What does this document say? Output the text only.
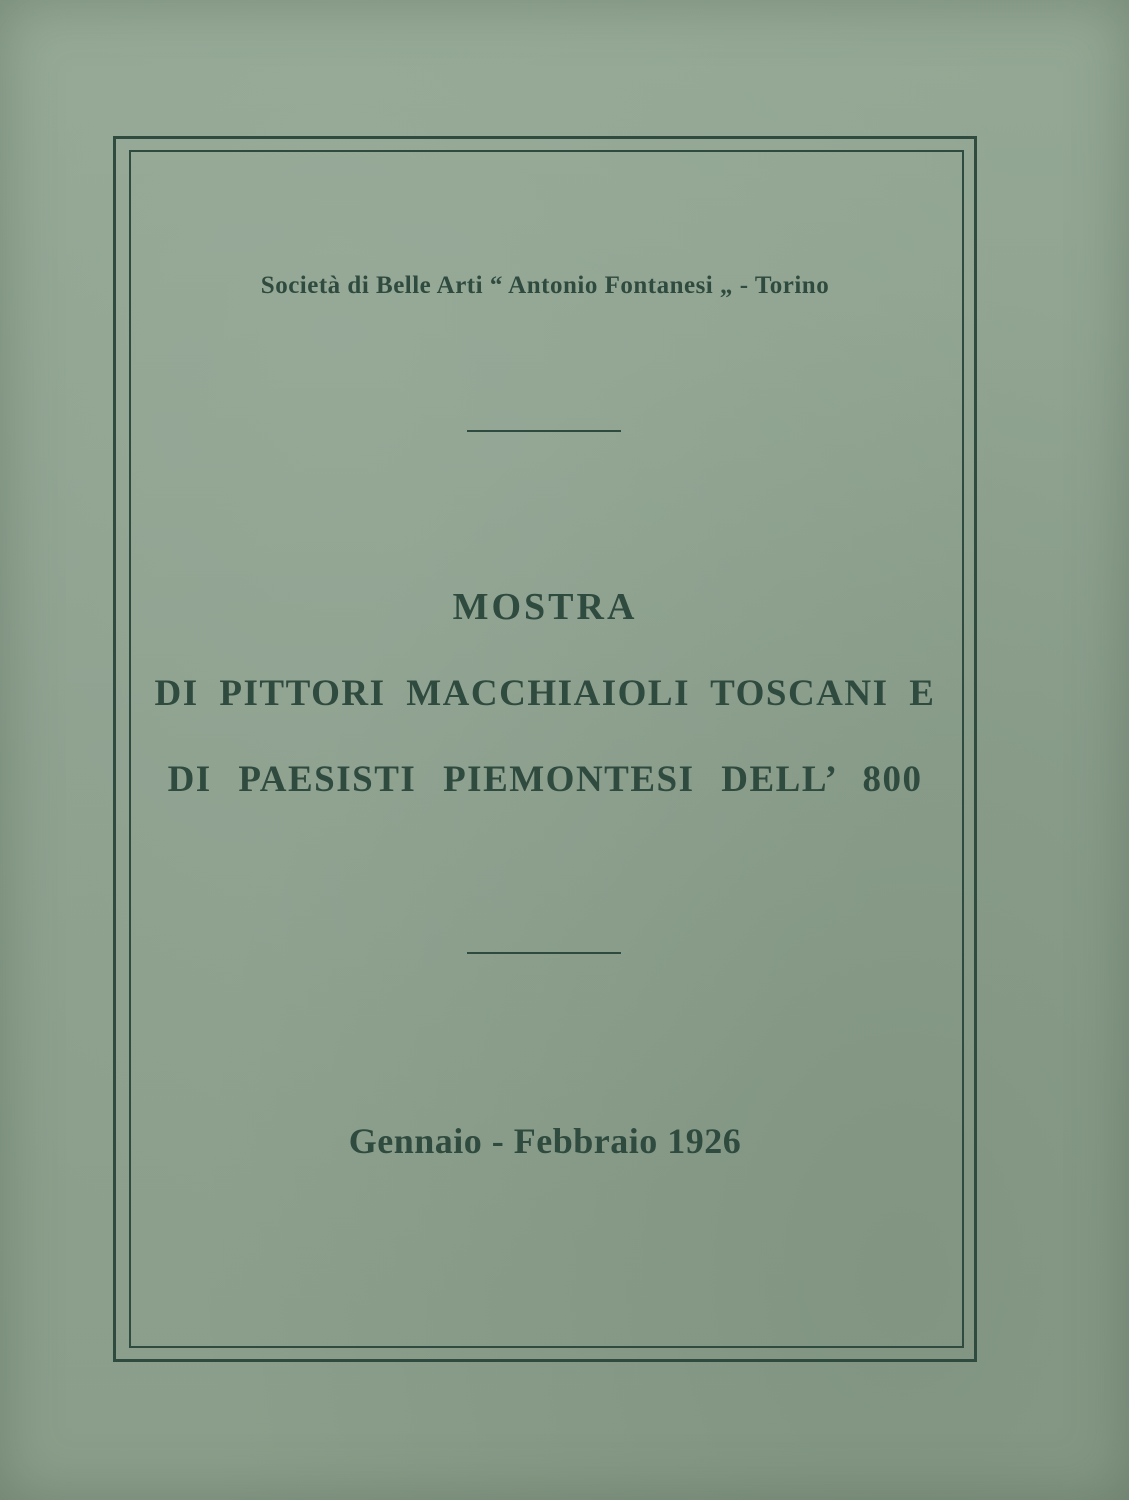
Società di Belle Arti “ Antonio Fontanesi „ - Torino
MOSTRA
DI PITTORI MACCHIAIOLI TOSCANI E
DI PAESISTI PIEMONTESI DELL’ 800
Gennaio - Febbraio 1926
